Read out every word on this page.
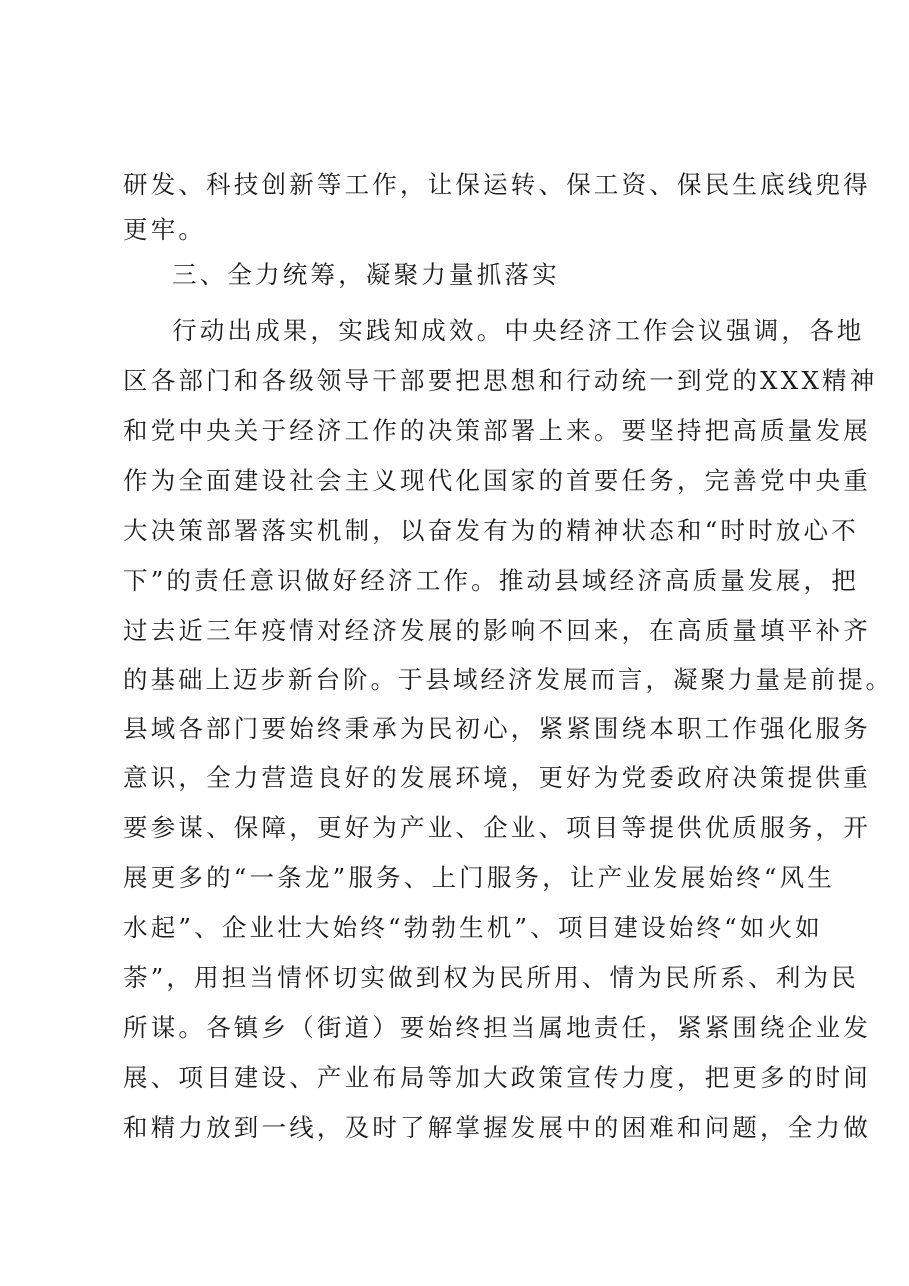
研发、科技创新等工作，让保运转、保工资、保民生底线兜得
更牢。
三、全力统筹，凝聚力量抓落实
行动出成果，实践知成效。中央经济工作会议强调，各地
区各部门和各级领导干部要把思想和行动统一到党的XXX精神
和党中央关于经济工作的决策部署上来。要坚持把高质量发展
作为全面建设社会主义现代化国家的首要任务，完善党中央重
大决策部署落实机制，以奋发有为的精神状态和“时时放心不
下”的责任意识做好经济工作。推动县域经济高质量发展，把
过去近三年疫情对经济发展的影响不回来，在高质量填平补齐
的基础上迈步新台阶。于县域经济发展而言，凝聚力量是前提。
县域各部门要始终秉承为民初心，紧紧围绕本职工作强化服务
意识，全力营造良好的发展环境，更好为党委政府决策提供重
要参谋、保障，更好为产业、企业、项目等提供优质服务，开
展更多的“一条龙”服务、上门服务，让产业发展始终“风生
水起”、企业壮大始终“勃勃生机”、项目建设始终“如火如
荼”，用担当情怀切实做到权为民所用、情为民所系、利为民
所谋。各镇乡（街道）要始终担当属地责任，紧紧围绕企业发
展、项目建设、产业布局等加大政策宣传力度，把更多的时间
和精力放到一线，及时了解掌握发展中的困难和问题，全力做
